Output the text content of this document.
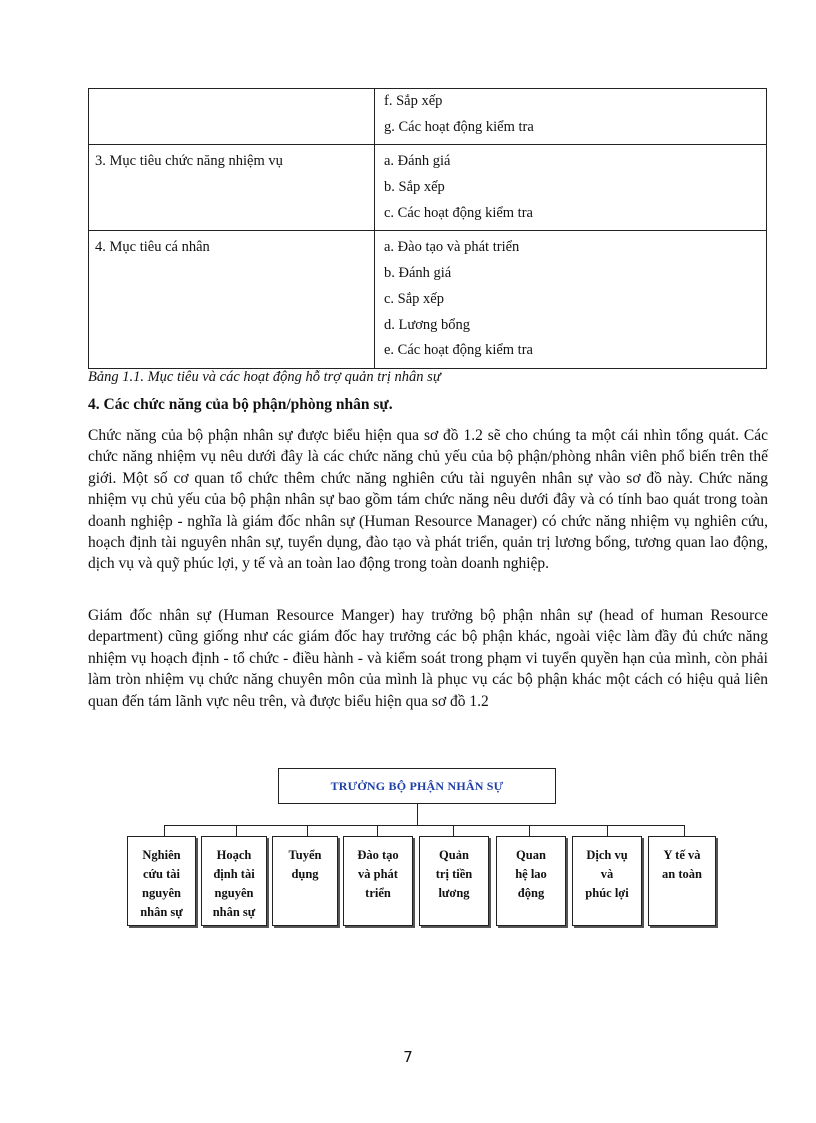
	f. Sắp xếp
g. Các hoạt động kiểm tra

3. Mục tiêu chức năng nhiệm vụ	a. Đánh giá
b. Sắp xếp
c. Các hoạt động kiểm tra

4. Mục tiêu cá nhân	a. Đào tạo và phát triển
b. Đánh giá
c. Sắp xếp
d. Lương bổng
e. Các hoạt động kiểm tra
Bảng 1.1. Mục tiêu và các hoạt động hỗ trợ quản trị nhân sự
4. Các chức năng của bộ phận/phòng nhân sự.

Chức năng của bộ phận nhân sự được biểu hiện qua sơ đồ 1.2 sẽ cho chúng ta một cái nhìn tổng quát. Các chức năng nhiệm vụ nêu dưới đây là các chức năng chủ yếu của bộ phận/phòng nhân viên phổ biến trên thế giới. Một số cơ quan tổ chức thêm chức năng nghiên cứu tài nguyên nhân sự vào sơ đồ này. Chức năng nhiệm vụ chủ yếu của bộ phận nhân sự bao gồm tám chức năng nêu dưới đây và có tính bao quát trong toàn doanh nghiệp - nghĩa là giám đốc nhân sự (Human Resource Manager) có chức năng nhiệm vụ nghiên cứu, hoạch định tài nguyên nhân sự, tuyển dụng, đào tạo và phát triển, quản trị lương bổng, tương quan lao động, dịch vụ và quỹ phúc lợi, y tế và an toàn lao động trong toàn doanh nghiệp.

Giám đốc nhân sự (Human Resource Manger) hay trưởng bộ phận nhân sự (head of human Resource department) cũng giống như các giám đốc hay trưởng các bộ phận khác, ngoài việc làm đầy đủ chức năng nhiệm vụ hoạch định - tổ chức - điều hành - và kiểm soát trong phạm vi tuyển quyền hạn của mình, còn phải làm tròn nhiệm vụ chức năng chuyên môn của mình là phục vụ các bộ phận khác một cách có hiệu quả liên quan đến tám lãnh vực nêu trên, và được biểu hiện qua sơ đồ 1.2

TRƯỞNG BỘ PHẬN NHÂN SỰ
Nghiên
cứu tài
nguyên
nhân sự
Hoạch
định tài
nguyên
nhân sự
Tuyển
dụng
Đào tạo
và phát
triển
Quản
trị tiền
lương
Quan
hệ lao
động
Dịch vụ
và
phúc lợi
Y tế và
an toàn
7
